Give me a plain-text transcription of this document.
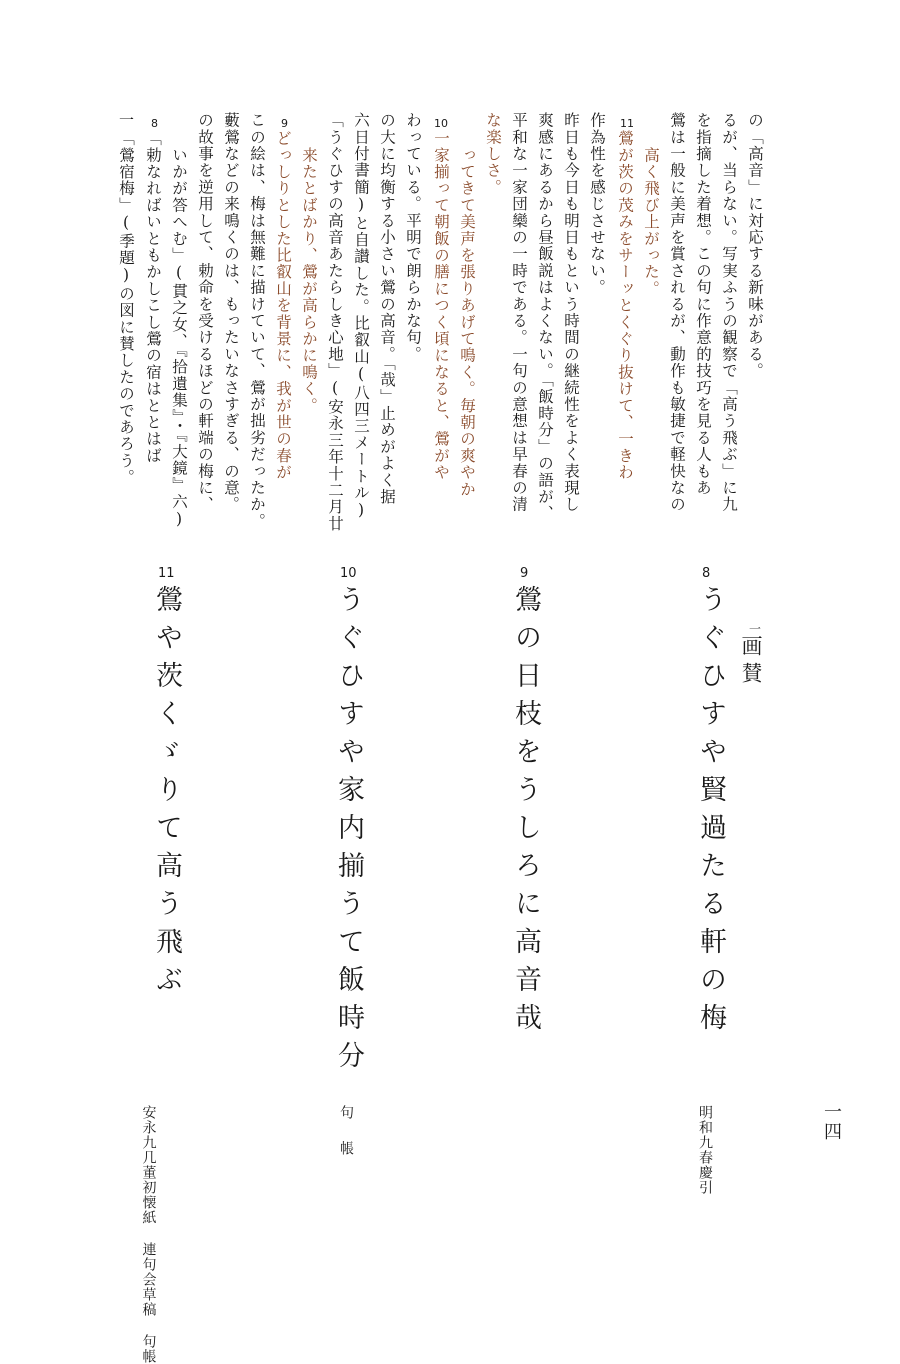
一
「鶯宿梅」(季題)の図に賛したのであろう。
8
「勅なればいともかしこし鶯の宿はととはば 　いかが答へむ」(貫之女、『拾遺集』・『大鏡』六) の故事を逆用して、勅命を受けるほどの軒端の梅に、 藪鶯などの来鳴くのは、もったいなさすぎる、の意。 この絵は、梅は無難に描けていて、鶯が拙劣だったか。 9
どっしりとした比叡山を背景に、我が世の春が 　来たとばかり、鶯が高らかに鳴く。 「うぐひすの高音あたらしき心地」(安永三年十二月廿 六日付書簡)と自讃した。比叡山(八四三メートル) の大に均衡する小さい鶯の高音。「哉」止めがよく据 わっている。平明で朗らかな句。 10
一家揃って朝飯の膳につく頃になると、鶯がや 　ってきて美声を張りあげて鳴く。毎朝の爽やか な楽しさ。 平和な一家団欒の一時である。一句の意想は早春の清 爽感にあるから昼飯説はよくない。「飯時分」の語が、 昨日も今日も明日もという時間の継続性をよく表現し 作為性を感じさせない。 11
鶯が茨の茂みをサーッとくぐり抜けて、一きわ 　高く飛び上がった。 鶯は一般に美声を賞されるが、動作も敏捷で軽快なの を指摘した着想。この句に作意的技巧を見る人もあ るが、当らない。写実ふうの観察で「高う飛ぶ」に九 の「高音」に対応する新味がある。
一
画賛
8
うぐひすや賢過たる軒の梅
明和九春慶引
9
鶯の日枝をうしろに高音哉
10
うぐひすや家内揃うて飯時分
句帳
11
鶯や茨くゞりて高う飛ぶ
安永九几董初懐紙 連句会草稿 句帳	一四
